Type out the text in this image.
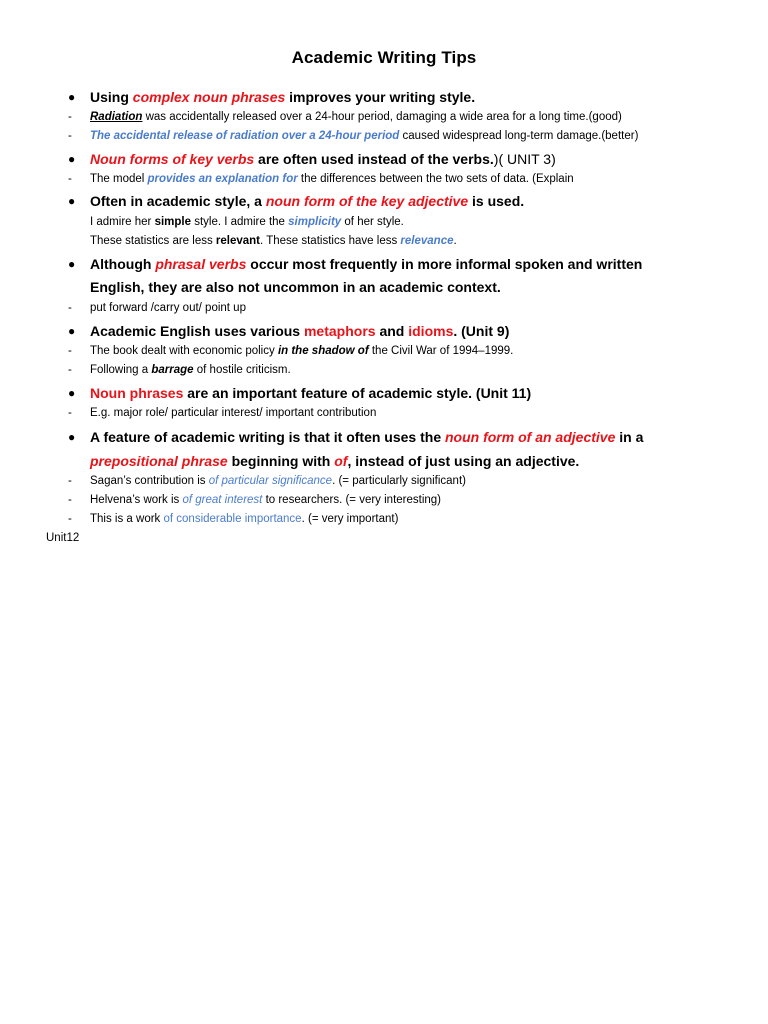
Academic Writing Tips
● Using complex noun phrases improves your writing style.
- Radiation was accidentally released over a 24-hour period, damaging a wide area for a long time.(good)
- The accidental release of radiation over a 24-hour period caused widespread long-term damage.(better)
● Noun forms of key verbs are often used instead of the verbs.)( UNIT 3)
- The model provides an explanation for the differences between the two sets of data. (Explain
● Often in academic style, a noun form of the key adjective is used.
I admire her simple style. I admire the simplicity of her style.
These statistics are less relevant. These statistics have less relevance.
● Although phrasal verbs occur most frequently in more informal spoken and written
English, they are also not uncommon in an academic context.
- put forward /carry out/ point up
● Academic English uses various metaphors and idioms. (Unit 9)
- The book dealt with economic policy in the shadow of the Civil War of 1994–1999.
- Following a barrage of hostile criticism.
● Noun phrases are an important feature of academic style. (Unit 11)
- E.g. major role/ particular interest/ important contribution
● A feature of academic writing is that it often uses the noun form of an adjective in a
prepositional phrase beginning with of, instead of just using an adjective.
- Sagan’s contribution is of particular significance. (= particularly significant)
- Helvena’s work is of great interest to researchers. (= very interesting)
- This is a work of considerable importance. (= very important)
Unit12
